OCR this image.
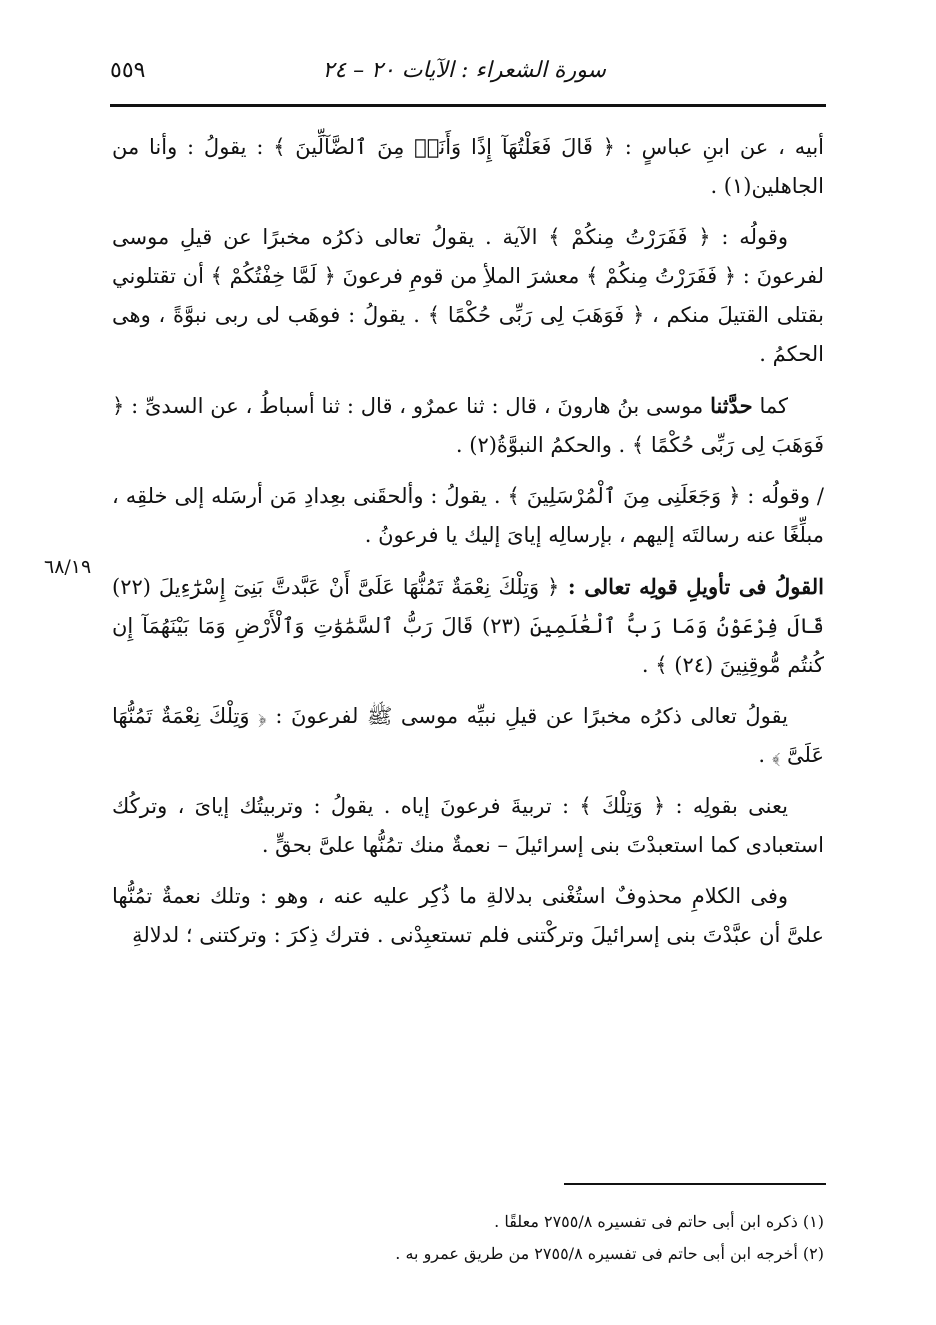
سورة الشعراء : الآيات ٢٠ – ٢٤
٥٥٩
٦٨/١٩

أبيه ، عن ابنِ عباسٍ : ﴿ قَالَ فَعَلْتُهَآ إِذًا وَأَنَا۠ مِنَ ٱلضَّآلِّينَ ﴾ : يقولُ : وأنا من الجاهلين(١) .

وقولُه : ﴿ فَفَرَرْتُ مِنكُمْ ﴾ الآية . يقولُ تعالى ذكرُه مخبرًا عن قيلِ موسى لفرعونَ : ﴿ فَفَرَرْتُ مِنكُمْ ﴾ معشرَ الملأِ من قومِ فرعونَ ﴿ لَمَّا خِفْتُكُمْ ﴾ أن تقتلوني بقتلى القتيلَ منكم ، ﴿ فَوَهَبَ لِى رَبِّى حُكْمًا ﴾ . يقولُ : فوهَب لى ربى نبوَّةً ، وهى الحكمُ .

كما حدَّثنا موسى بنُ هارونَ ، قال : ثنا عمرٌو ، قال : ثنا أسباطُ ، عن السدىِّ : ﴿ فَوَهَبَ لِى رَبِّى حُكْمًا ﴾ . والحكمُ النبوَّةُ(٢) .

/ وقولُه : ﴿ وَجَعَلَنِى مِنَ ٱلْمُرْسَلِينَ ﴾ . يقولُ : وألحقَنى بعِدادِ مَن أرسَله إلى خلقِه ، مبلِّغًا عنه رسالتَه إليهم ، بإرسالِه إياىَ إليك يا فرعونُ .

القولُ فى تأويلِ قولِه تعالى : ﴿ وَتِلْكَ نِعْمَةٌ تَمُنُّهَا عَلَىَّ أَنْ عَبَّدتَّ بَنِىٓ إِسْرَٰٓءِيلَ (٢٢) قَالَ فِرْعَوْنُ وَمَا رَبُّ ٱلْعَٰلَمِينَ (٢٣) قَالَ رَبُّ ٱلسَّمَٰوَٰتِ وَٱلْأَرْضِ وَمَا بَيْنَهُمَآ إِن كُنتُم مُّوقِنِينَ (٢٤) ﴾ .

يقولُ تعالى ذكرُه مخبرًا عن قيلِ نبيِّه موسى ﷺ لفرعونَ : ﴿ وَتِلْكَ نِعْمَةٌ تَمُنُّهَا عَلَىَّ ﴾ .

يعنى بقولِه : ﴿ وَتِلْكَ ﴾ : تربيةَ فرعونَ إياه . يقولُ : وتربيتُك إياىَ ، وتركُك استعبادى كما استعبدْتَ بنى إسرائيلَ – نعمةٌ منك تمُنُّها علىَّ بحقٍّ .

وفى الكلامِ محذوفٌ استُغْنى بدلالةِ ما ذُكِر عليه عنه ، وهو : وتلك نعمةٌ تمُنُّها علىَّ أن عبَّدْتَ بنى إسرائيلَ وتركْتنى فلم تستعبِدْنى . فترك ذِكرَ : وتركتنى ؛ لدلالةِ

(١) ذكره ابن أبى حاتم فى تفسيره ٢٧٥٥/٨ معلقًا .

(٢) أخرجه ابن أبى حاتم فى تفسيره ٢٧٥٥/٨ من طريق عمرو به .
